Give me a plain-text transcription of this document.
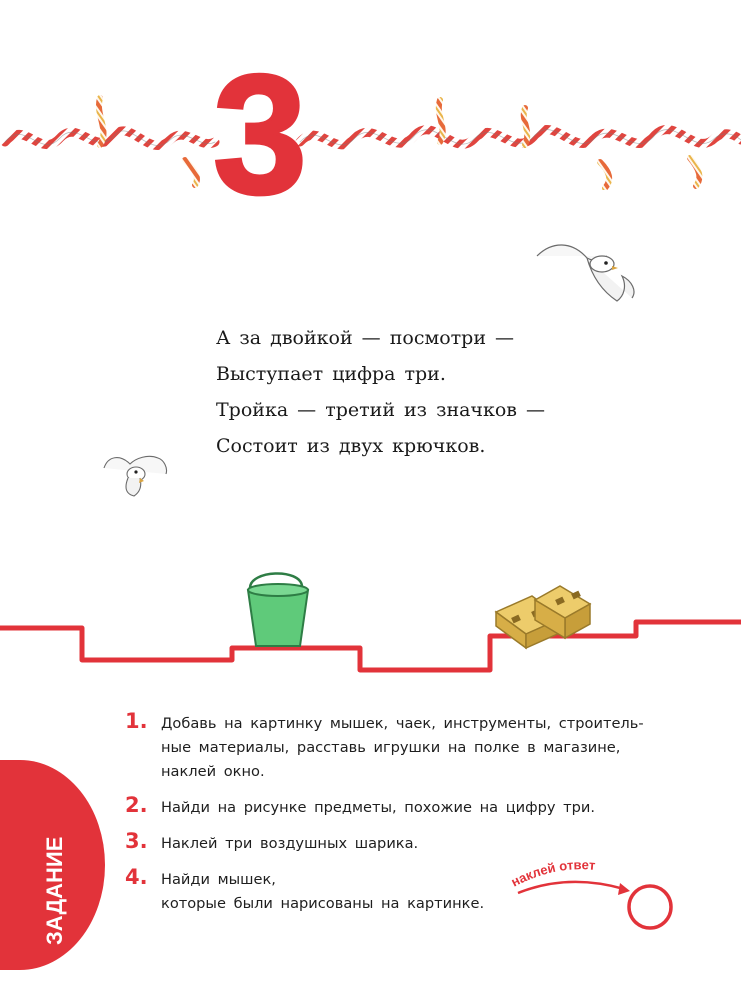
3
А за двойкой — посмотри —
Выступает цифра три.
Тройка — третий из значков —
Состоит из двух крючков.
ЗАДАНИЕ
1. Добавь на картинку мышек, чаек, инструменты, строитель-ные материалы, расставь игрушки на полке в магазине, наклей окно.
2. Найди на рисунке предметы, похожие на цифру три.
3. Наклей три воздушных шарика.
4. Найди мышек,
которые были нарисованы на картинке.
наклей ответ
